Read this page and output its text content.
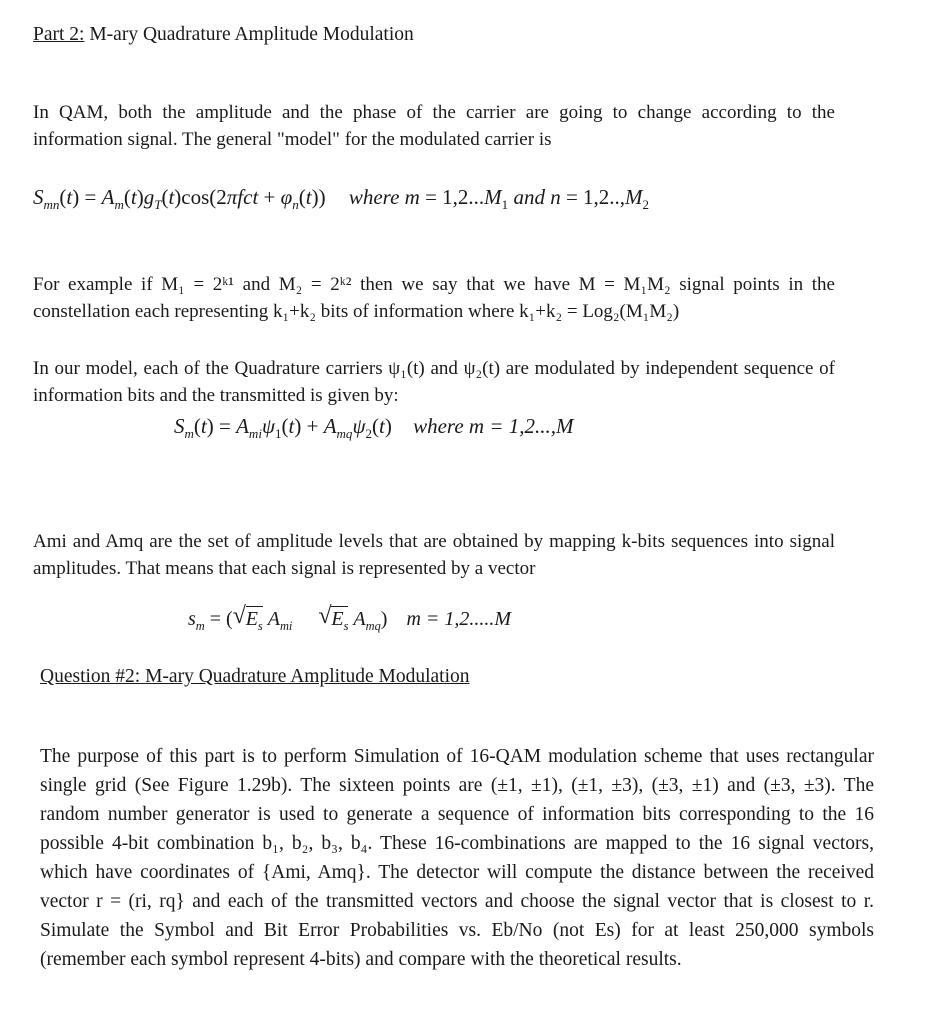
Part 2: M-ary Quadrature Amplitude Modulation

In QAM, both the amplitude and the phase of the carrier are going to change according to the information signal. The general "model" for the modulated carrier is

$S_{mn}(t) = A_m(t)g_T(t)\cos(2\pi fct + \varphi_n(t))$ where $m = 1,2...M_1$ and $n = 1,2..,M_2$

For example if M₁ = 2ᵏ¹ and M₂ = 2ᵏ² then we say that we have M = M₁M₂ signal points in the constellation each representing k₁+k₂ bits of information where k₁+k₂ = Log₂(M₁M₂)

In our model, each of the Quadrature carriers ψ₁(t) and ψ₂(t) are modulated by independent sequence of information bits and the transmitted is given by:

$S_m(t) = A_{mi}\psi_1(t) + A_{mq}\psi_2(t)$ where m = 1,2...,M

Ami and Amq are the set of amplitude levels that are obtained by mapping k-bits sequences into signal amplitudes. That means that each signal is represented by a vector

$s_m$ = ( √ $E_s$ $A_{mi}$ √ $E_s$ $A_{mq}$) m = 1,2.....M
Question #2: M-ary Quadrature Amplitude Modulation

The purpose of this part is to perform Simulation of 16-QAM modulation scheme that uses rectangular single grid (See Figure 1.29b). The sixteen points are (±1, ±1), (±1, ±3), (±3, ±1) and (±3, ±3). The random number generator is used to generate a sequence of information bits corresponding to the 16 possible 4-bit combination b₁, b₂, b₃, b₄. These 16-combinations are mapped to the 16 signal vectors, which have coordinates of {Ami, Amq}. The detector will compute the distance between the received vector r = (ri, rq} and each of the transmitted vectors and choose the signal vector that is closest to r. Simulate the Symbol and Bit Error Probabilities vs. Eb/No (not Es) for at least 250,000 symbols (remember each symbol represent 4-bits) and compare with the theoretical results.
